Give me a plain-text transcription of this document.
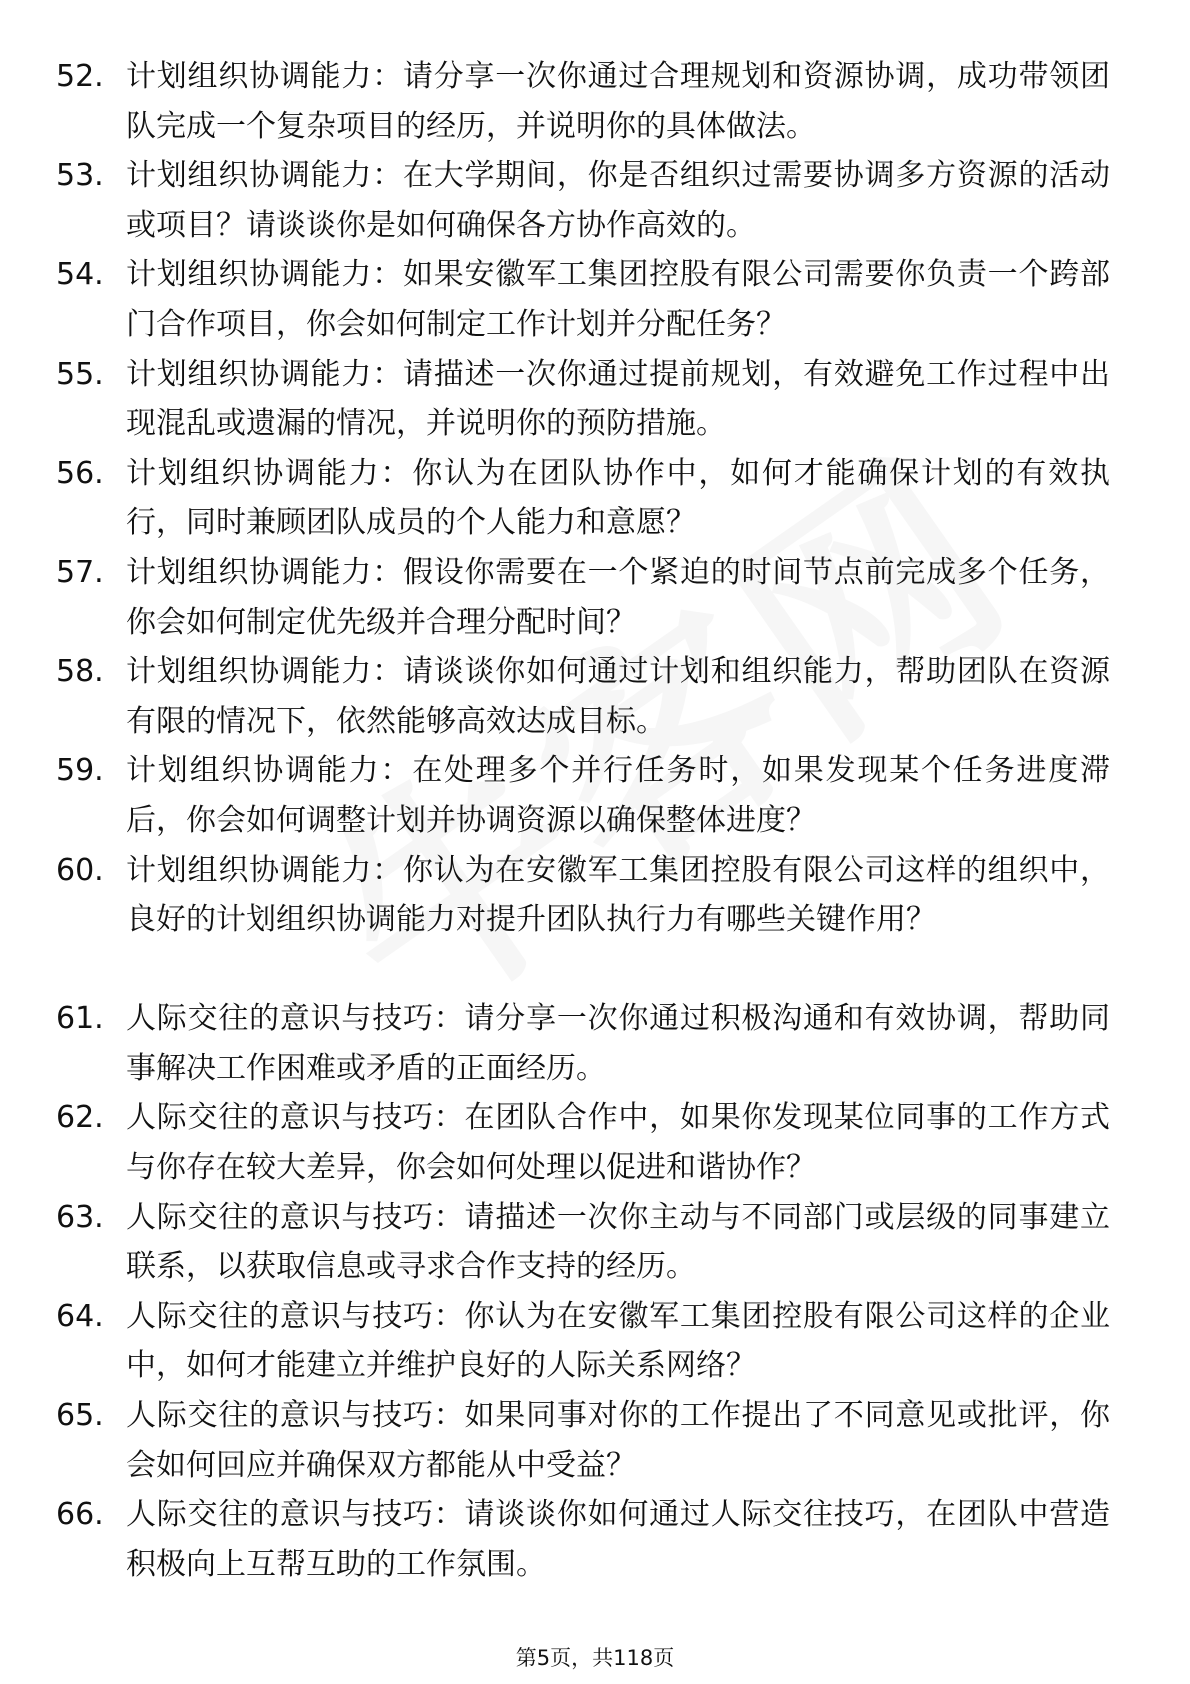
52. 计划组织协调能力：请分享一次你通过合理规划和资源协调，成功带领团队完成一个复杂项目的经历，并说明你的具体做法。
53. 计划组织协调能力：在大学期间，你是否组织过需要协调多方资源的活动或项目？请谈谈你是如何确保各方协作高效的。
54. 计划组织协调能力：如果安徽军工集团控股有限公司需要你负责一个跨部门合作项目，你会如何制定工作计划并分配任务？
55. 计划组织协调能力：请描述一次你通过提前规划，有效避免工作过程中出现混乱或遗漏的情况，并说明你的预防措施。
56. 计划组织协调能力：你认为在团队协作中，如何才能确保计划的有效执行，同时兼顾团队成员的个人能力和意愿？
57. 计划组织协调能力：假设你需要在一个紧迫的时间节点前完成多个任务，你会如何制定优先级并合理分配时间？
58. 计划组织协调能力：请谈谈你如何通过计划和组织能力，帮助团队在资源有限的情况下，依然能够高效达成目标。
59. 计划组织协调能力：在处理多个并行任务时，如果发现某个任务进度滞后，你会如何调整计划并协调资源以确保整体进度？
60. 计划组织协调能力：你认为在安徽军工集团控股有限公司这样的组织中，良好的计划组织协调能力对提升团队执行力有哪些关键作用？
61. 人际交往的意识与技巧：请分享一次你通过积极沟通和有效协调，帮助同事解决工作困难或矛盾的正面经历。
62. 人际交往的意识与技巧：在团队合作中，如果你发现某位同事的工作方式与你存在较大差异，你会如何处理以促进和谐协作？
63. 人际交往的意识与技巧：请描述一次你主动与不同部门或层级的同事建立联系，以获取信息或寻求合作支持的经历。
64. 人际交往的意识与技巧：你认为在安徽军工集团控股有限公司这样的企业中，如何才能建立并维护良好的人际关系网络？
65. 人际交往的意识与技巧：如果同事对你的工作提出了不同意见或批评，你会如何回应并确保双方都能从中受益？
66. 人际交往的意识与技巧：请谈谈你如何通过人际交往技巧，在团队中营造积极向上互帮互助的工作氛围。
第5页，共118页
